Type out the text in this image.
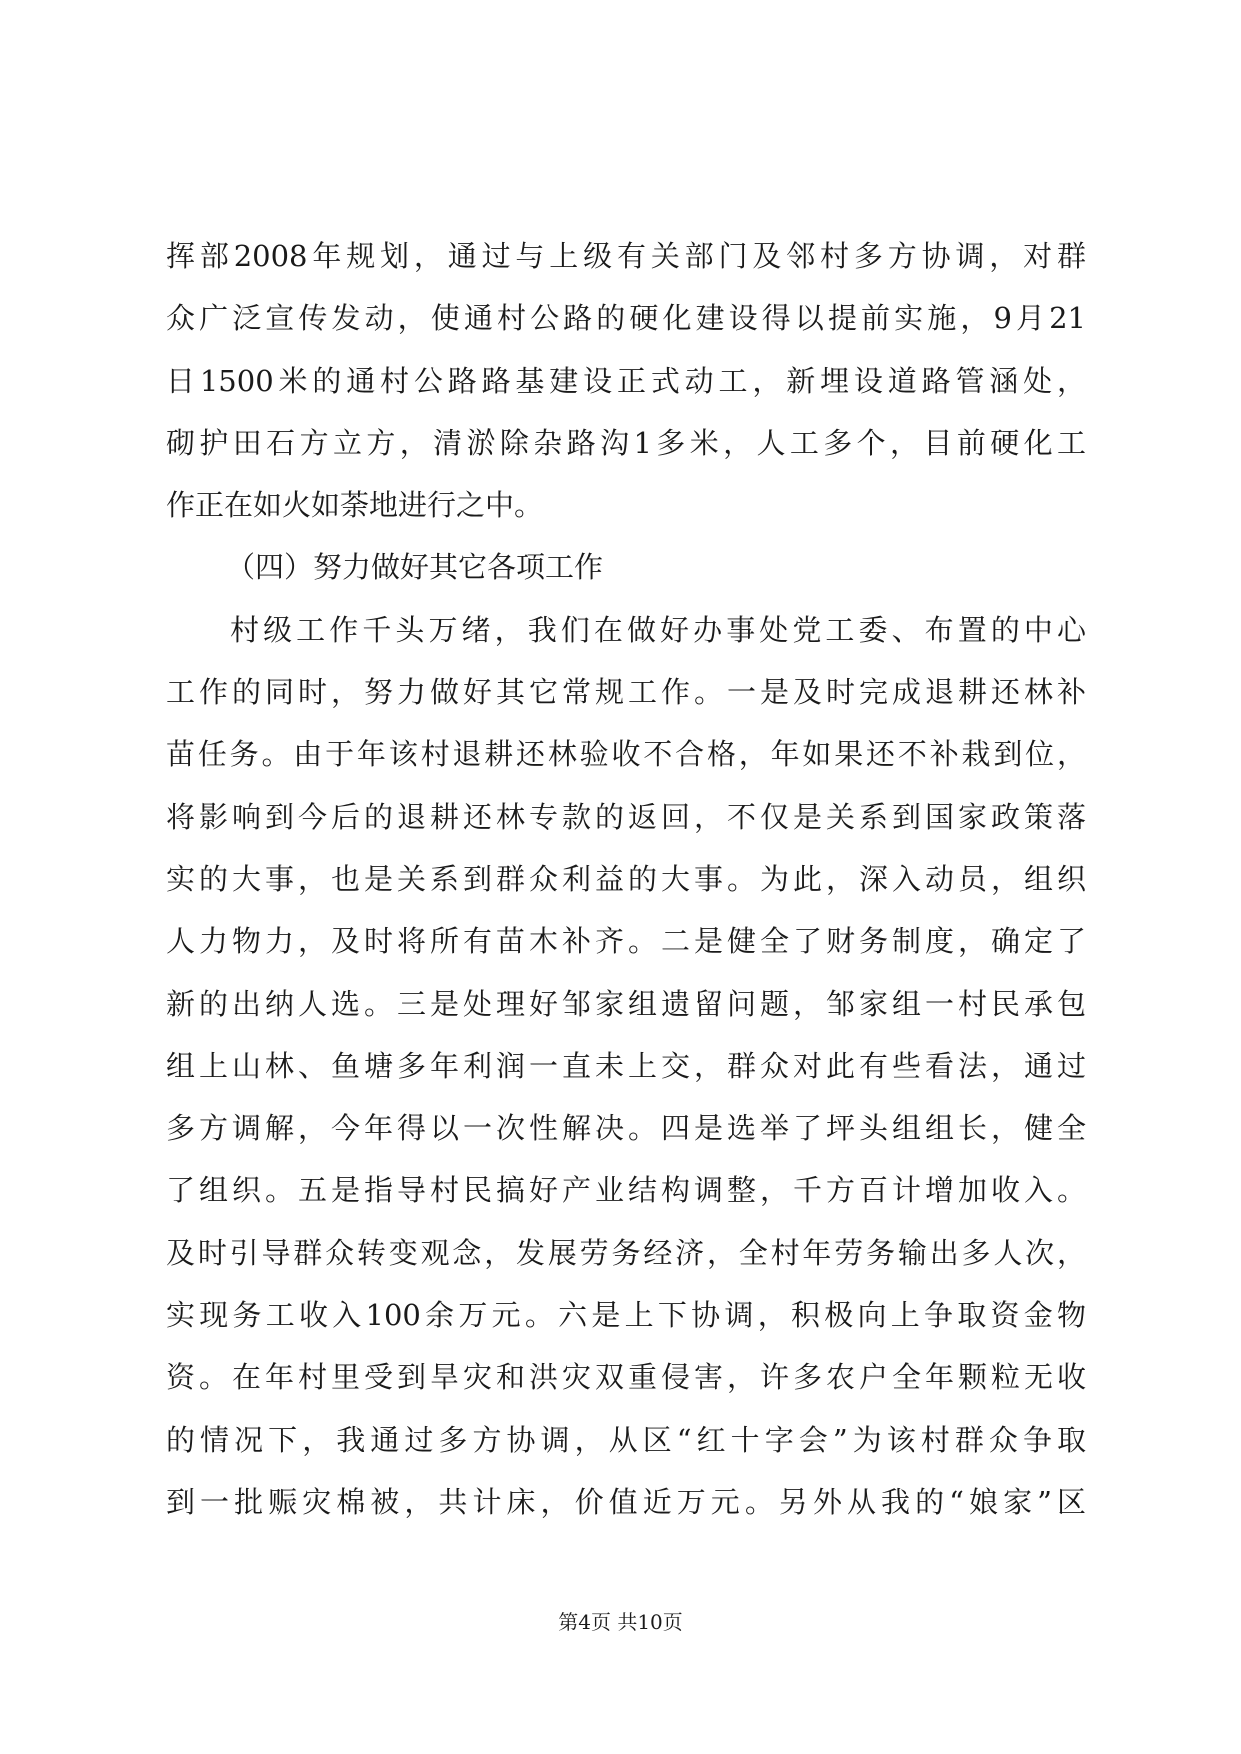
挥部2008年规划，通过与上级有关部门及邻村多方协调，对群
众广泛宣传发动，使通村公路的硬化建设得以提前实施，9月21
日1500米的通村公路路基建设正式动工，新埋设道路管涵处，
砌护田石方立方，清淤除杂路沟1多米，人工多个，目前硬化工
作正在如火如荼地进行之中。
（四）努力做好其它各项工作
村级工作千头万绪，我们在做好办事处党工委、布置的中心
工作的同时，努力做好其它常规工作。一是及时完成退耕还林补
苗任务。由于年该村退耕还林验收不合格，年如果还不补栽到位，
将影响到今后的退耕还林专款的返回，不仅是关系到国家政策落
实的大事，也是关系到群众利益的大事。为此，深入动员，组织
人力物力，及时将所有苗木补齐。二是健全了财务制度，确定了
新的出纳人选。三是处理好邹家组遗留问题，邹家组一村民承包
组上山林、鱼塘多年利润一直未上交，群众对此有些看法，通过
多方调解，今年得以一次性解决。四是选举了坪头组组长，健全
了组织。五是指导村民搞好产业结构调整，千方百计增加收入。
及时引导群众转变观念，发展劳务经济，全村年劳务输出多人次，
实现务工收入100余万元。六是上下协调，积极向上争取资金物
资。在年村里受到旱灾和洪灾双重侵害，许多农户全年颗粒无收
的情况下，我通过多方协调，从区“红十字会”为该村群众争取
到一批赈灾棉被，共计床，价值近万元。另外从我的“娘家”区
第4页 共10页
